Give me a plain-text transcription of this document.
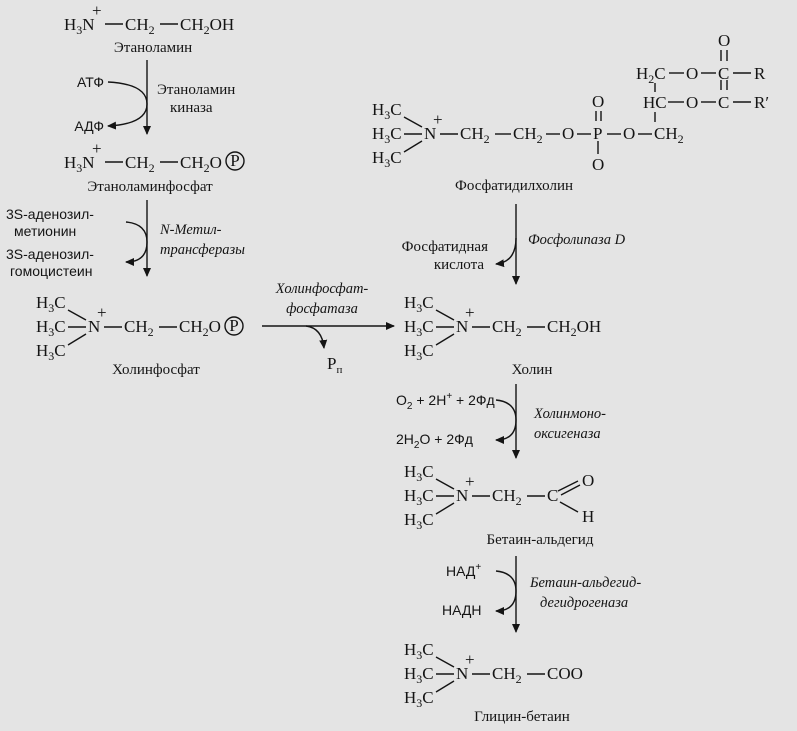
$H_3N$
+
$CH_2$ $CH_2OH$
Этаноламин
АТФ
АДФ
Этаноламин
киназа
$H_3N$
+
$CH_2$ $CH_2O$ P
Этаноламинфосфат
3S-аденозил-
метионин
3S-аденозил-
гомоцистеин
N-Метил-
трансферазы
$H_3C$
$H_3C$
$H_3C$
N
+
$CH_2$ $CH_2O$ P
Холинфосфат
Холинфосфат-
фосфатаза
$P_п$
$H_3C$
$H_3C$
$H_3C$
N
+
$CH_2$ $CH_2$ O P
O
O
O $CH_2$
$H_2C$
HC
O C
O
R
O C R′
Фосфатидилхолин
Фосфатидная
кислота
Фосфолипаза D
$H_3C$
$H_3C$
$H_3C$
N
+
$CH_2$ $CH_2OH$
Холин
$O_2 + 2H^+ + 2Фд$
$2H_2O + 2Фд$
Холинмоно-
оксигеназа
$H_3C$
$H_3C$
$H_3C$
N
+
$CH_2$ C
O
H
Бетаин-альдегид
НАД+
НАДН
Бетаин-альдегид-
дегидрогеназа
$H_3C$
$H_3C$
$H_3C$
N
+
$CH_2$ COO
Глицин-бетаин
